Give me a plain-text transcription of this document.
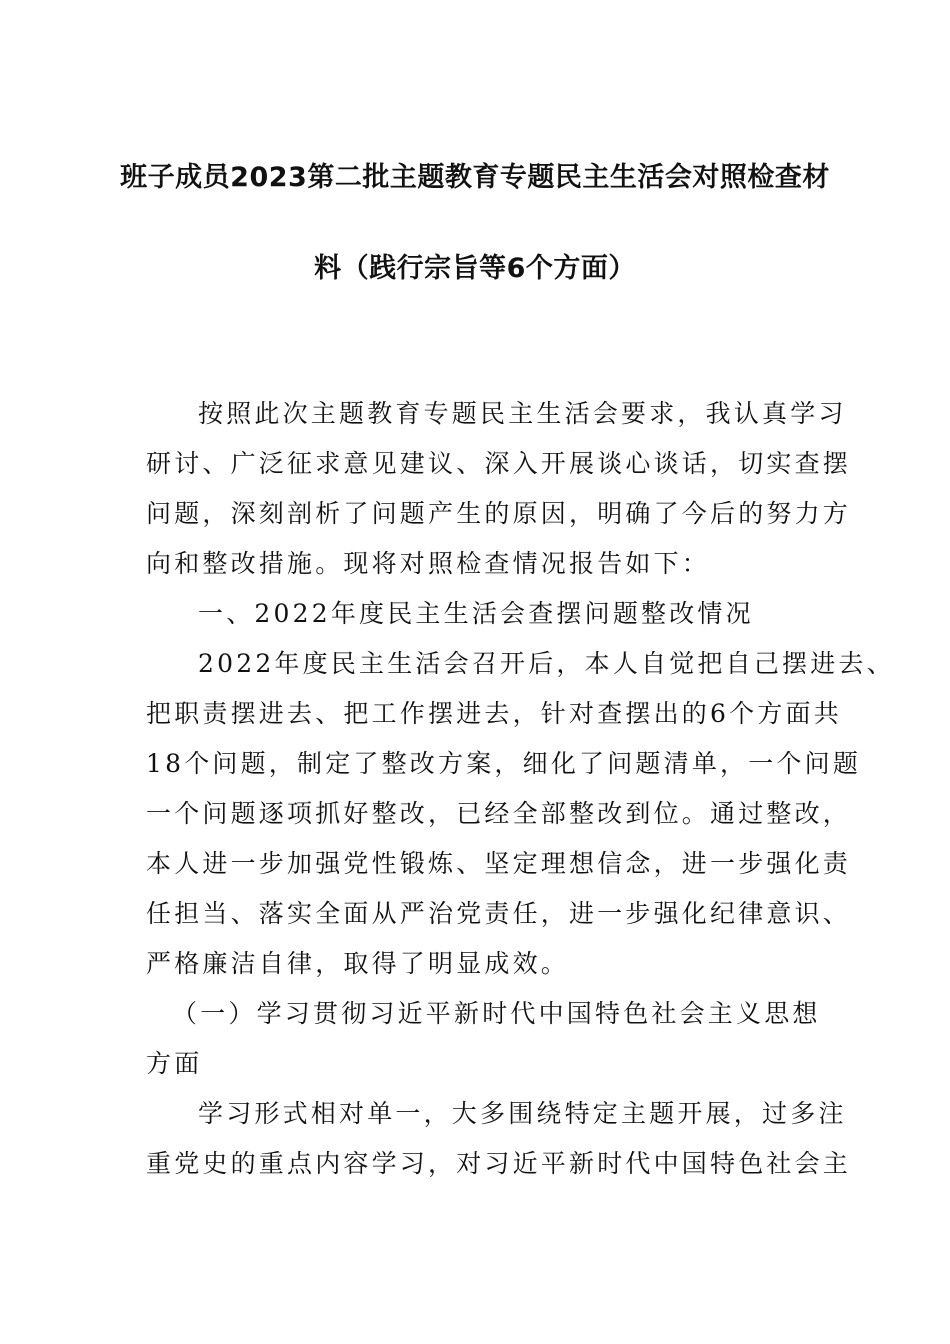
班子成员2023第二批主题教育专题民主生活会对照检查材
料（践行宗旨等6个方面）
按照此次主题教育专题民主生活会要求，我认真学习
研讨、广泛征求意见建议、深入开展谈心谈话，切实查摆
问题，深刻剖析了问题产生的原因，明确了今后的努力方
向和整改措施。现将对照检查情况报告如下：
一、2022年度民主生活会查摆问题整改情况
2022年度民主生活会召开后，本人自觉把自己摆进去、
把职责摆进去、把工作摆进去，针对查摆出的6个方面共
18个问题，制定了整改方案，细化了问题清单，一个问题
一个问题逐项抓好整改，已经全部整改到位。通过整改，
本人进一步加强党性锻炼、坚定理想信念，进一步强化责
任担当、落实全面从严治党责任，进一步强化纪律意识、
严格廉洁自律，取得了明显成效。
（一）学习贯彻习近平新时代中国特色社会主义思想
方面
学习形式相对单一，大多围绕特定主题开展，过多注
重党史的重点内容学习，对习近平新时代中国特色社会主
